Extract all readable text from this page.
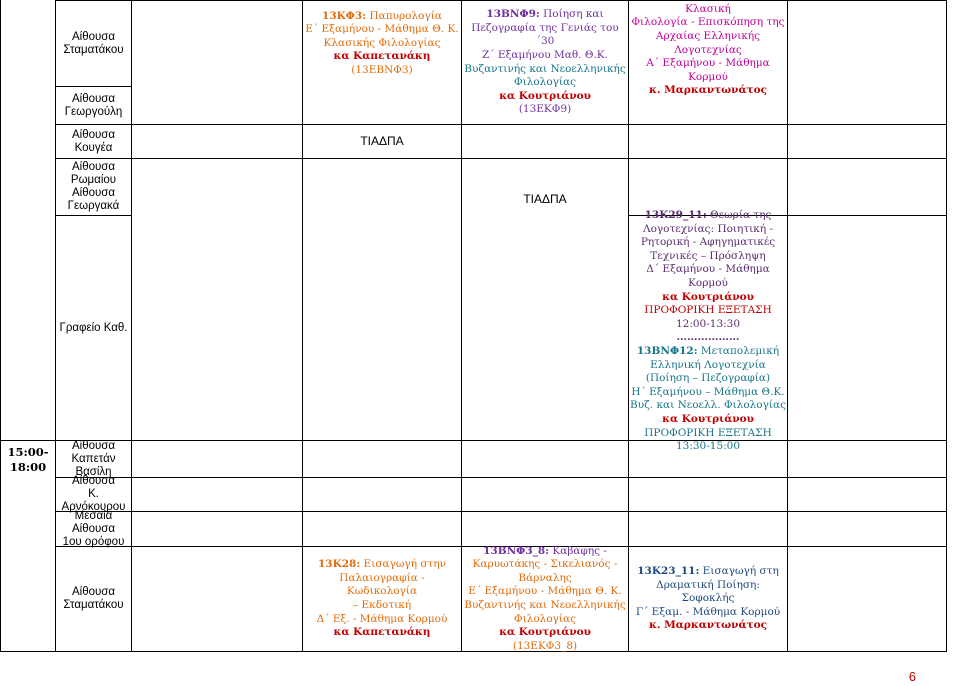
15:00-18:00
Αίθουσα
Σταματάκου
Αίθουσα
Γεωργούλη
Αίθουσα
Κουγέα
Αίθουσα
Ρωμαίου
Αίθουσα
Γεωργακά
Γραφείο Καθ.
Αίθουσα
Καπετάν Βασίλη
Αίθουσα
Κ. Αρνόκουρου
Μεσαία Αίθουσα
1ου ορόφου
Αίθουσα
Σταματάκου
13ΚΦ3: Παπυρολογία
Ε΄ Εξαμήνου - Μάθημα Θ. Κ.
Κλασικής Φιλολογίας
κα Καπετανάκη
(13ΕΒΝΦ3)
13ΒΝΦ9: Ποίηση και
Πεζογραφία της Γενιάς του ΄30
Ζ΄ Εξαμήνου Μαθ. Θ.Κ.
Βυζαντινής και Νεοελληνικής
Φιλολογίας
κα Κουτριάνου
(13ΕΚΦ9)
Κλασική
Φιλολογία - Επισκόπηση της
Αρχαίας Ελληνικής Λογοτεχνίας
Α΄ Εξαμήνου - Μάθημα Κορμού
κ. Μαρκαντωνάτος
ΤΙΑΔΠΑ
ΤΙΑΔΠΑ
13Κ29_11: Θεωρία της
Λογοτεχνίας: Ποιητική -
Ρητορική - Αφηγηματικές
Τεχνικές – Πρόσληψη
Δ΄ Εξαμήνου - Μάθημα Κορμού
κα Κουτριάνου
ΠΡΟΦΟΡΙΚΗ ΕΞΕΤΑΣΗ
12:00-13:30
………………
13ΒΝΦ12: Μεταπολεμική
Ελληνική Λογοτεχνία
(Ποίηση – Πεζογραφία)
Η΄ Εξαμήνου – Μάθημα Θ.Κ.
Βυζ. και Νεοελλ. Φιλολογίας
κα Κουτριάνου
ΠΡΟΦΟΡΙΚΗ ΕΞΕΤΑΣΗ
13:30-15:00
13Κ28: Εισαγωγή στην
Παλαιογραφία - Κωδικολογία
– Εκδοτική
Δ΄ Εξ. - Μάθημα Κορμού
κα Καπετανάκη
13ΒΝΦ3_8: Καβάφης -
Καρυωτάκης - Σικελιανός -
Βάρναλης
Ε΄ Εξαμήνου - Μάθημα Θ. Κ.
Βυζαντινής και Νεοελληνικής
Φιλολογίας
κα Κουτριάνου
(13ΕΚΦ3_8)
13Κ23_11: Εισαγωγή στη
Δραματική Ποίηση: Σοφοκλής
Γ΄ Εξαμ. - Μάθημα Κορμού
κ. Μαρκαντωνάτος
6
